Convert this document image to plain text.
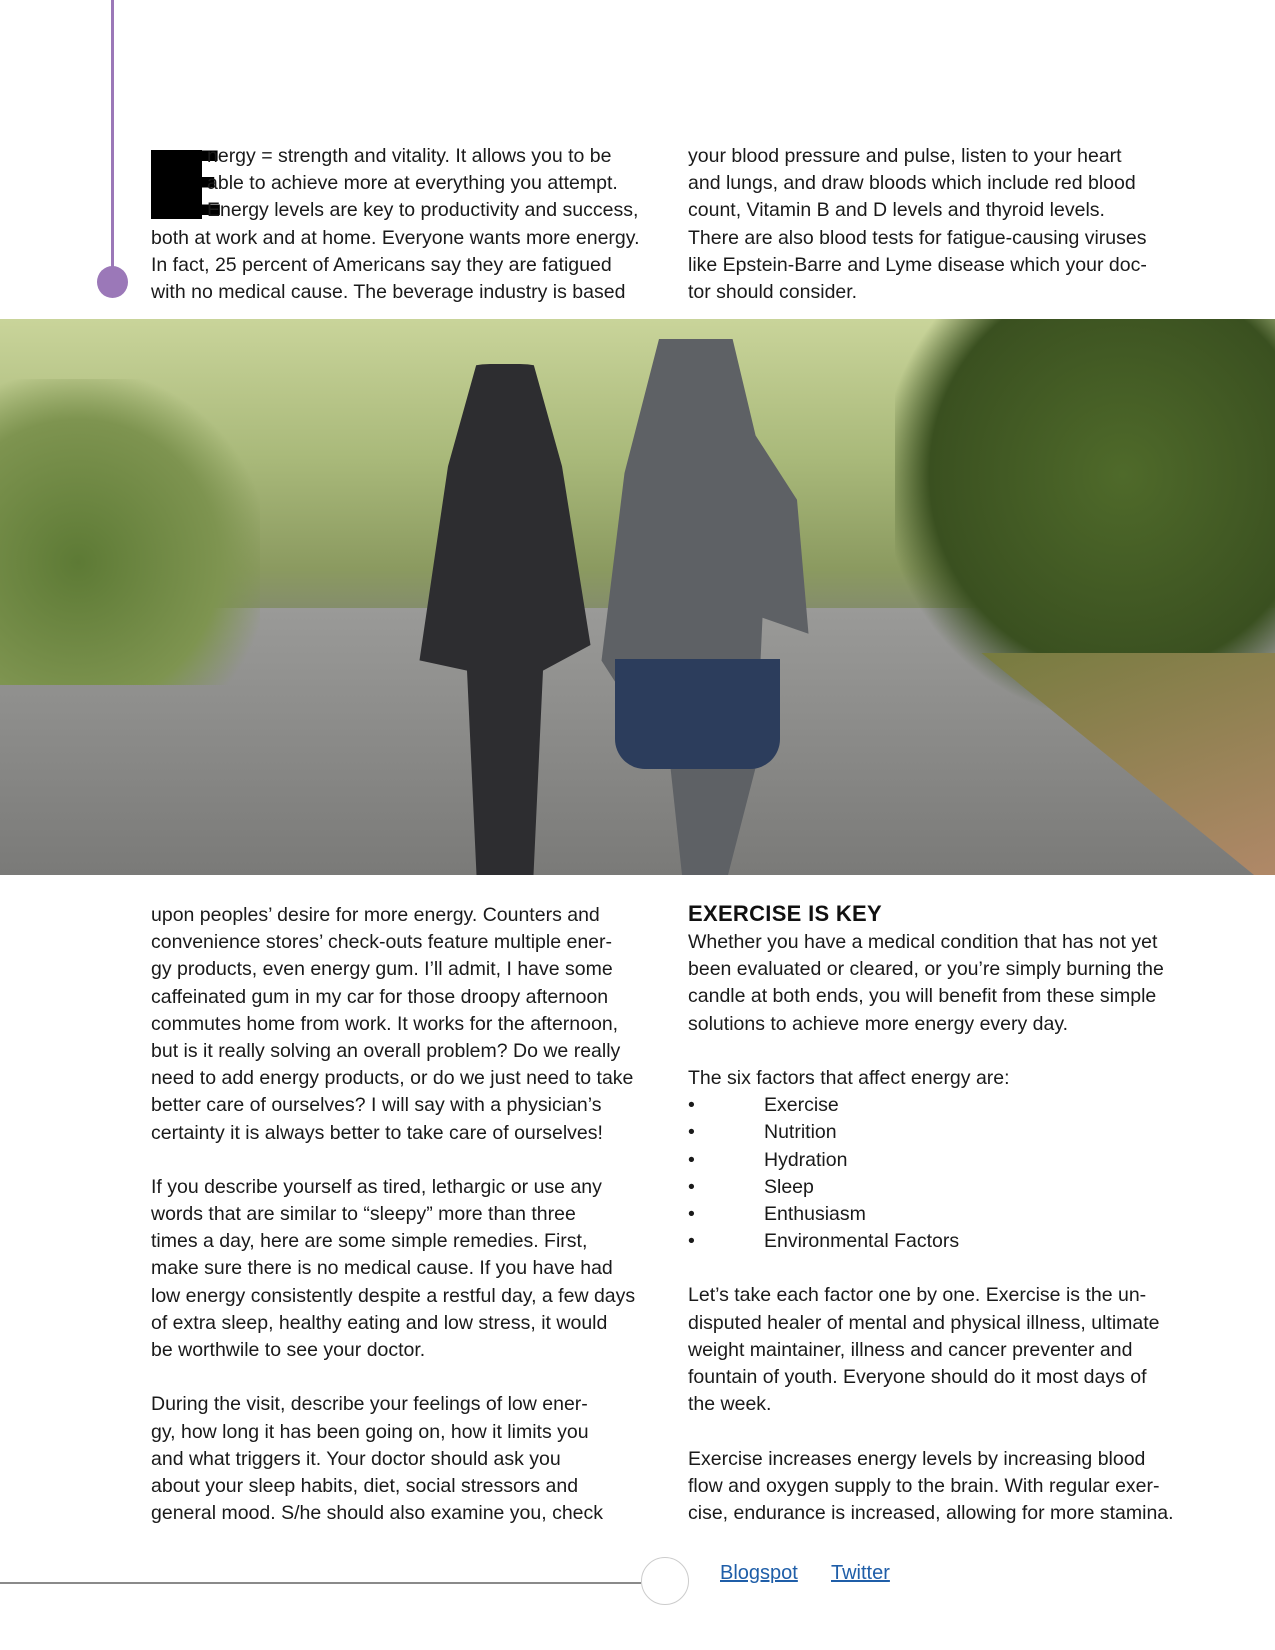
E
nergy = strength and vitality. It allows you to be
able to achieve more at everything you attempt.
Energy levels are key to productivity and success,
both at work and at home. Everyone wants more energy.
In fact, 25 percent of Americans say they are fatigued
with no medical cause. The beverage industry is based
your blood pressure and pulse, listen to your heart
and lungs, and draw bloods which include red blood
count, Vitamin B and D levels and thyroid levels.
There are also blood tests for fatigue-causing viruses
like Epstein-Barre and Lyme disease which your doc-
tor should consider.
upon peoples’ desire for more energy. Counters and
convenience stores’ check-outs feature multiple ener-
gy products, even energy gum. I’ll admit, I have some
caffeinated gum in my car for those droopy afternoon
commutes home from work. It works for the afternoon,
but is it really solving an overall problem? Do we really
need to add energy products, or do we just need to take
better care of ourselves? I will say with a physician’s
certainty it is always better to take care of ourselves!
If you describe yourself as tired, lethargic or use any
words that are similar to “sleepy” more than three
times a day, here are some simple remedies. First,
make sure there is no medical cause. If you have had
low energy consistently despite a restful day, a few days
of extra sleep, healthy eating and low stress, it would
be worthwile to see your doctor.
During the visit, describe your feelings of low ener-
gy, how long it has been going on, how it limits you
and what triggers it. Your doctor should ask you
about your sleep habits, diet, social stressors and
general mood. S/he should also examine you, check
EXERCISE IS KEY
Whether you have a medical condition that has not yet
been evaluated or cleared, or you’re simply burning the
candle at both ends, you will benefit from these simple
solutions to achieve more energy every day.
The six factors that affect energy are:
•	Exercise
•	Nutrition
•	Hydration
•	Sleep
•	Enthusiasm
•	Environmental Factors
Let’s take each factor one by one. Exercise is the un-
disputed healer of mental and physical illness, ultimate
weight maintainer, illness and cancer preventer and
fountain of youth. Everyone should do it most days of
the week.
Exercise increases energy levels by increasing blood
flow and oxygen supply to the brain. With regular exer-
cise, endurance is increased, allowing for more stamina.
Blogspot Twitter
